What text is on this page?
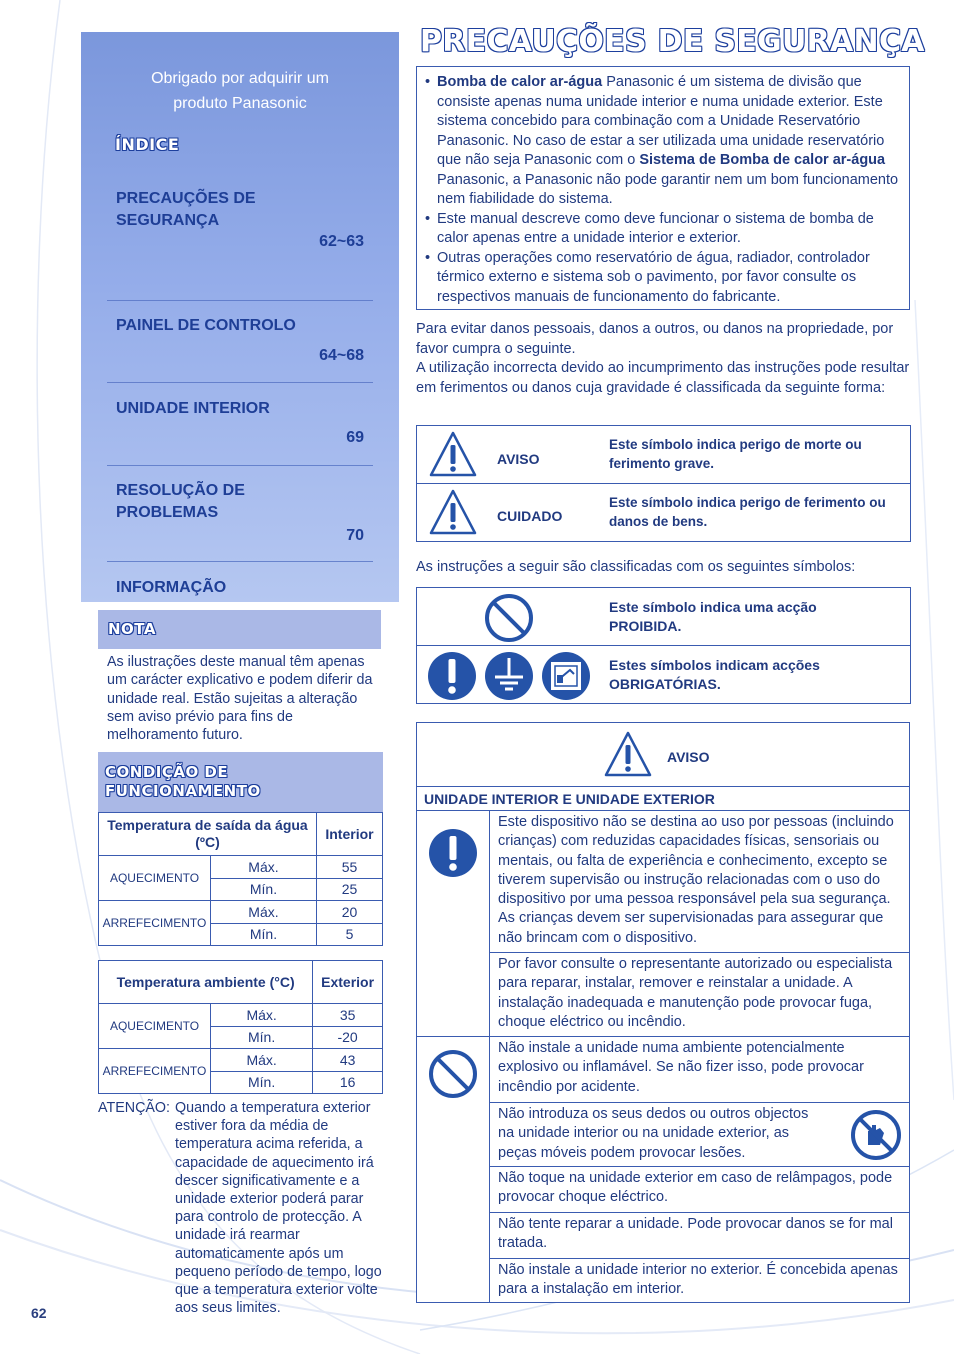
Obrigado por adquirir um produto Panasonic
ÍNDICE
PRECAUÇÕES DE SEGURANÇA
62~63
PAINEL DE CONTROLO
64~68
UNIDADE INTERIOR
69
RESOLUÇÃO DE PROBLEMAS
70
INFORMAÇÃO
NOTA
As ilustrações deste manual têm apenas um carácter explicativo e podem diferir da unidade real. Estão sujeitas a alteração sem aviso prévio para fins de melhoramento futuro.
CONDIÇÃO DE FUNCIONAMENTO
Temperatura de saída da água (ºC)		Interior
AQUECIMENTO	Máx.	55
	Mín.	25
ARREFECIMENTO	Máx.	20
	Mín.	5
Temperatura ambiente (°C)		Exterior
AQUECIMENTO	Máx.	35
	Mín.	-20
ARREFECIMENTO	Máx.	43
	Mín.	16
ATENÇÃO: Quando a temperatura exterior estiver fora da média de temperatura acima referida, a capacidade de aquecimento irá descer significativamente e a unidade exterior poderá parar para controlo de protecção. A unidade irá rearmar automaticamente após um pequeno período de tempo, logo que a temperatura exterior volte aos seus limites.
62
PRECAUÇÕES DE SEGURANÇA
• Bomba de calor ar-água Panasonic é um sistema de divisão que consiste apenas numa unidade interior e numa unidade exterior. Este sistema concebido para combinação com a Unidade Reservatório Panasonic. No caso de estar a ser utilizada uma unidade reservatório que não seja Panasonic com o Sistema de Bomba de calor ar-água Panasonic, a Panasonic não pode garantir nem um bom funcionamento nem fiabilidade do sistema.
• Este manual descreve como deve funcionar o sistema de bomba de calor apenas entre a unidade interior e exterior.
• Outras operações como reservatório de água, radiador, controlador térmico externo e sistema sob o pavimento, por favor consulte os respectivos manuais de funcionamento do fabricante.
Para evitar danos pessoais, danos a outros, ou danos na propriedade, por favor cumpra o seguinte.
A utilização incorrecta devido ao incumprimento das instruções pode resultar em ferimentos ou danos cuja gravidade é classificada da seguinte forma:
AVISO
Este símbolo indica perigo de morte ou ferimento grave.
CUIDADO
Este símbolo indica perigo de ferimento ou danos de bens.
As instruções a seguir são classificadas com os seguintes símbolos:
Este símbolo indica uma acção
PROIBIDA.
Estes símbolos indicam acções
OBRIGATÓRIAS.
AVISO
UNIDADE INTERIOR E UNIDADE EXTERIOR
Este dispositivo não se destina ao uso por pessoas (incluindo crianças) com reduzidas capacidades físicas, sensoriais ou mentais, ou falta de experiência e conhecimento, excepto se tiverem supervisão ou instrução relacionadas com o uso do dispositivo por uma pessoa responsável pela sua segurança. As crianças devem ser supervisionadas para assegurar que não brincam com o dispositivo.
Por favor consulte o representante autorizado ou especialista para reparar, instalar, remover e reinstalar a unidade. A instalação inadequada e manutenção pode provocar fuga, choque eléctrico ou incêndio.
Não instale a unidade numa ambiente potencialmente explosivo ou inflamável. Se não fizer isso, pode provocar incêndio por acidente.
Não introduza os seus dedos ou outros objectos na unidade interior ou na unidade exterior, as peças móveis podem provocar lesões.
Não toque na unidade exterior em caso de relâmpagos, pode provocar choque eléctrico.
Não tente reparar a unidade. Pode provocar danos se for mal tratada.
Não instale a unidade interior no exterior. É concebida apenas para a instalação em interior.
